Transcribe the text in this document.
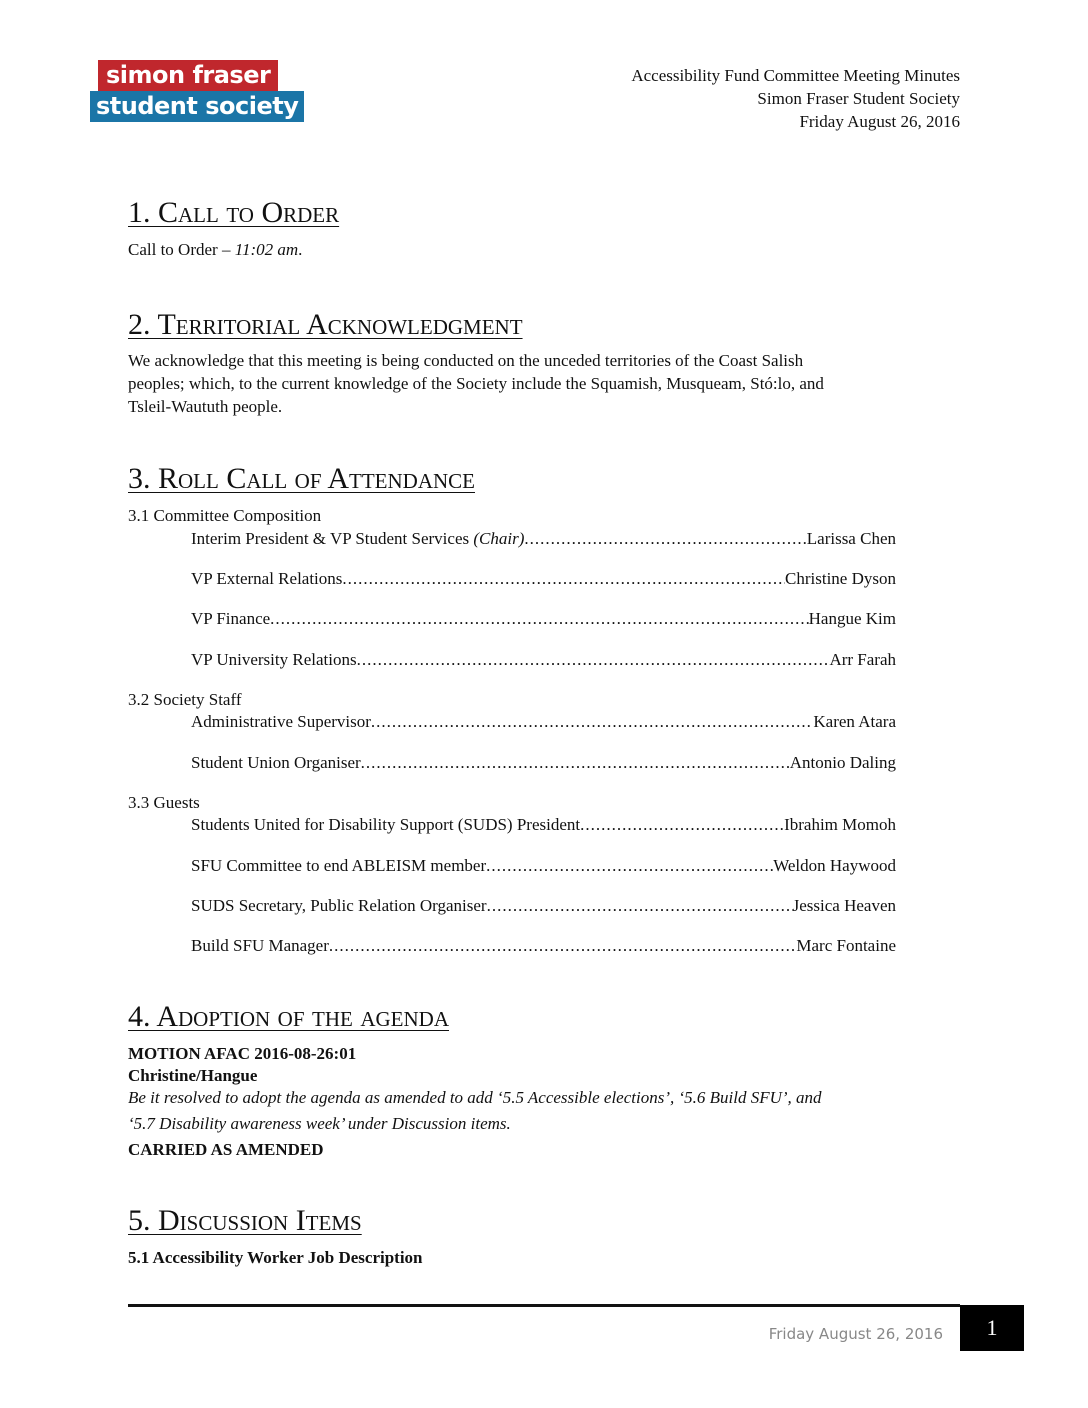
simon fraser
student society
Accessibility Fund Committee Meeting Minutes
Simon Fraser Student Society
Friday August 26, 2016
1. Call to Order
Call to Order – 11:02 am.
2. Territorial Acknowledgment
We acknowledge that this meeting is being conducted on the unceded territories of the Coast Salish
peoples; which, to the current knowledge of the Society include the Squamish, Musqueam, Stó:lo, and
Tsleil-Waututh people.
3. Roll Call of Attendance
3.1 Committee Composition
Interim President & VP Student Services (Chair) .....	Larissa Chen
VP External Relations .....	Christine Dyson
VP Finance .....	Hangue Kim
VP University Relations .....	Arr Farah
3.2 Society Staff
Administrative Supervisor .....	Karen Atara
Student Union Organiser .....	Antonio Daling
3.3 Guests
Students United for Disability Support (SUDS) President .....	Ibrahim Momoh
SFU Committee to end ABLEISM member .....	Weldon Haywood
SUDS Secretary, Public Relation Organiser .....	Jessica Heaven
Build SFU Manager .....	Marc Fontaine
4. Adoption of the agenda
MOTION AFAC 2016-08-26:01
Christine/Hangue
Be it resolved to adopt the agenda as amended to add ‘5.5 Accessible elections’, ‘5.6 Build SFU’, and
‘5.7 Disability awareness week’ under Discussion items.
CARRIED AS AMENDED
5. Discussion Items
5.1 Accessibility Worker Job Description
Friday August 26, 2016	1
